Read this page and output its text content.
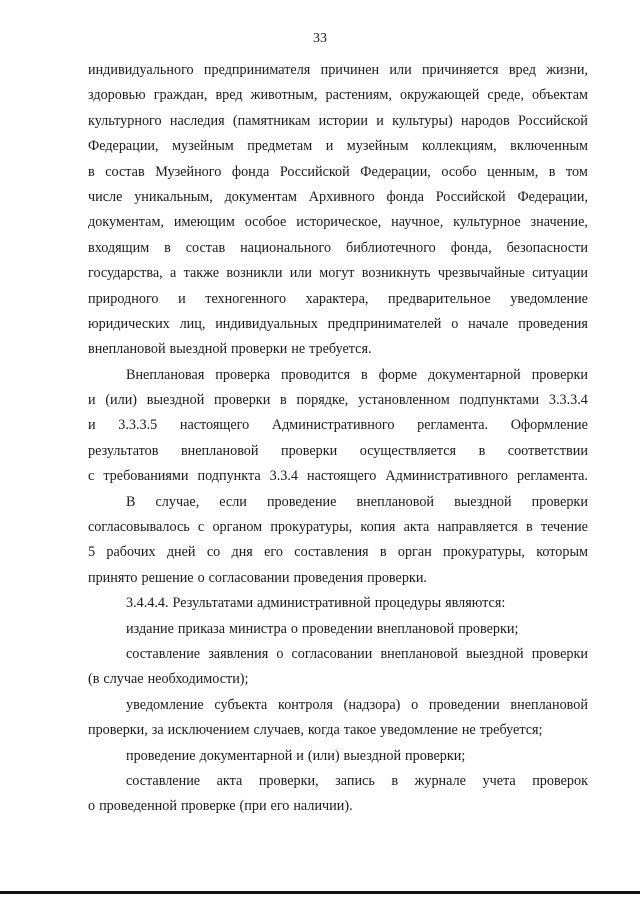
33
индивидуального предпринимателя причинен или причиняется вред жизни,
здоровью граждан, вред животным, растениям, окружающей среде, объектам
культурного наследия (памятникам истории и культуры) народов Российской
Федерации, музейным предметам и музейным коллекциям, включенным
в состав Музейного фонда Российской Федерации, особо ценным, в том
числе уникальным, документам Архивного фонда Российской Федерации,
документам, имеющим особое историческое, научное, культурное значение,
входящим в состав национального библиотечного фонда, безопасности
государства, а также возникли или могут возникнуть чрезвычайные ситуации
природного и техногенного характера, предварительное уведомление
юридических лиц, индивидуальных предпринимателей о начале проведения
внеплановой выездной проверки не требуется.
Внеплановая проверка проводится в форме документарной проверки
и (или) выездной проверки в порядке, установленном подпунктами 3.3.3.4
и 3.3.3.5 настоящего Административного регламента. Оформление
результатов внеплановой проверки осуществляется в соответствии
с требованиями подпункта 3.3.4 настоящего Административного регламента.
В случае, если проведение внеплановой выездной проверки
согласовывалось с органом прокуратуры, копия акта направляется в течение
5 рабочих дней со дня его составления в орган прокуратуры, которым
принято решение о согласовании проведения проверки.
3.4.4.4. Результатами административной процедуры являются:
издание приказа министра о проведении внеплановой проверки;
составление заявления о согласовании внеплановой выездной проверки
(в случае необходимости);
уведомление субъекта контроля (надзора) о проведении внеплановой
проверки, за исключением случаев, когда такое уведомление не требуется;
проведение документарной и (или) выездной проверки;
составление акта проверки, запись в журнале учета проверок
о проведенной проверке (при его наличии).
